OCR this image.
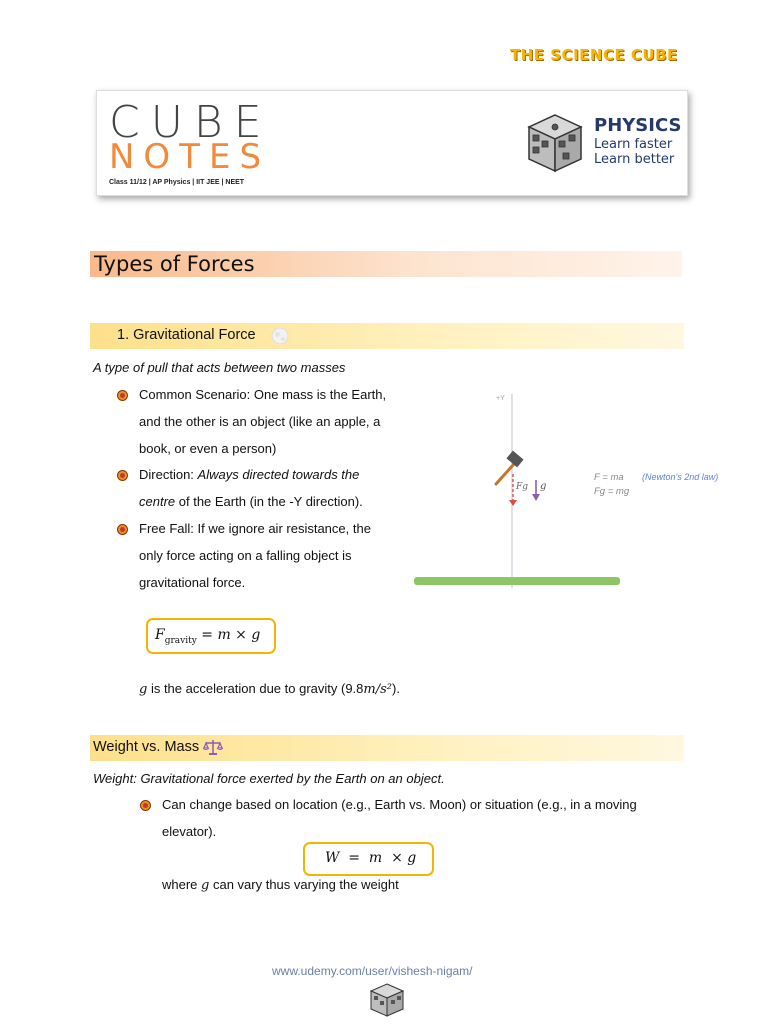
THE SCIENCE CUBE
CUBE
NOTES
Class 11/12 | AP Physics | IIT JEE | NEET
PHYSICS
Learn faster
Learn better
Types of Forces
1. Gravitational Force
A type of pull that acts between two masses
Common Scenario: One mass is the Earth,
and the other is an object (like an apple, a
book, or even a person)
Direction: Always directed towards the
centre of the Earth (in the -Y direction).
Free Fall: If we ignore air resistance, the
only force acting on a falling object is
gravitational force.
+Y
Fg g
F = ma
Fg = mg
(Newton's 2nd law)
$F_{gravity} = m \times g$
g is the acceleration due to gravity (9.8m/s²).
Weight vs. Mass
Weight: Gravitational force exerted by the Earth on an object.
Can change based on location (e.g., Earth vs. Moon) or situation (e.g., in a moving
elevator).
W  =  m  × g
where g can vary thus varying the weight
www.udemy.com/user/vishesh-nigam/
